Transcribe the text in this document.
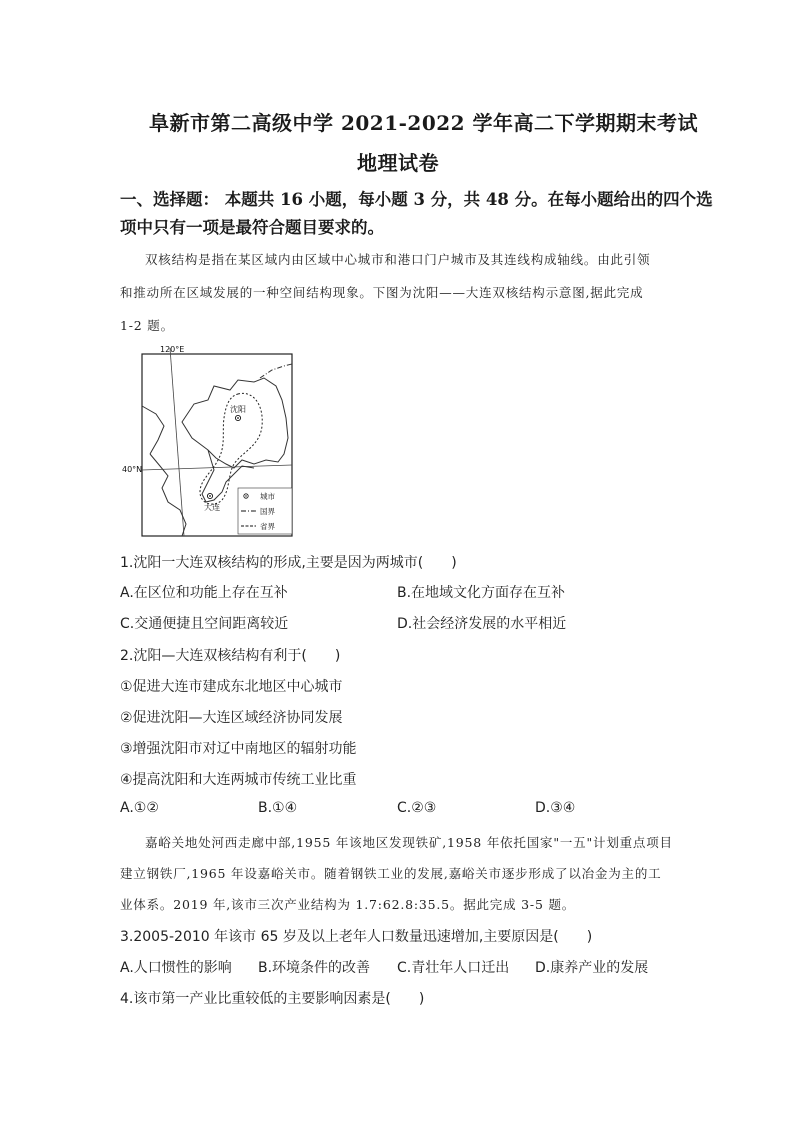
阜新市第二高级中学 2021-2022 学年高二下学期期末考试
地理试卷
一、选择题： 本题共 16 小题，每小题 3 分，共 48 分。在每小题给出的四个选
项中只有一项是最符合题目要求的。
双核结构是指在某区域内由区域中心城市和港口门户城市及其连线构成轴线。由此引领
和推动所在区域发展的一种空间结构现象。下图为沈阳——大连双核结构示意图,据此完成
1-2 题。
沈阳
大连
120°E
40°N
城市
国界
省界
1.沈阳一大连双核结构的形成,主要是因为两城市(　　)
A.在区位和功能上存在互补	B.在地域文化方面存在互补
C.交通便捷且空间距离较近	D.社会经济发展的水平相近
2.沈阳—大连双核结构有利于(　　)
①促进大连市建成东北地区中心城市
②促进沈阳—大连区域经济协同发展
③增强沈阳市对辽中南地区的辐射功能
④提高沈阳和大连两城市传统工业比重
A.①②	B.①④	C.②③	D.③④
嘉峪关地处河西走廊中部,1955 年该地区发现铁矿,1958 年依托国家"一五"计划重点项目
建立钢铁厂,1965 年设嘉峪关市。随着钢铁工业的发展,嘉峪关市逐步形成了以冶金为主的工
业体系。2019 年,该市三次产业结构为 1.7:62.8:35.5。据此完成 3-5 题。
3.2005-2010 年该市 65 岁及以上老年人口数量迅速增加,主要原因是(　　)
A.人口惯性的影响 B.环境条件的改善 C.青壮年人口迁出 D.康养产业的发展
4.该市第一产业比重较低的主要影响因素是(　　)
